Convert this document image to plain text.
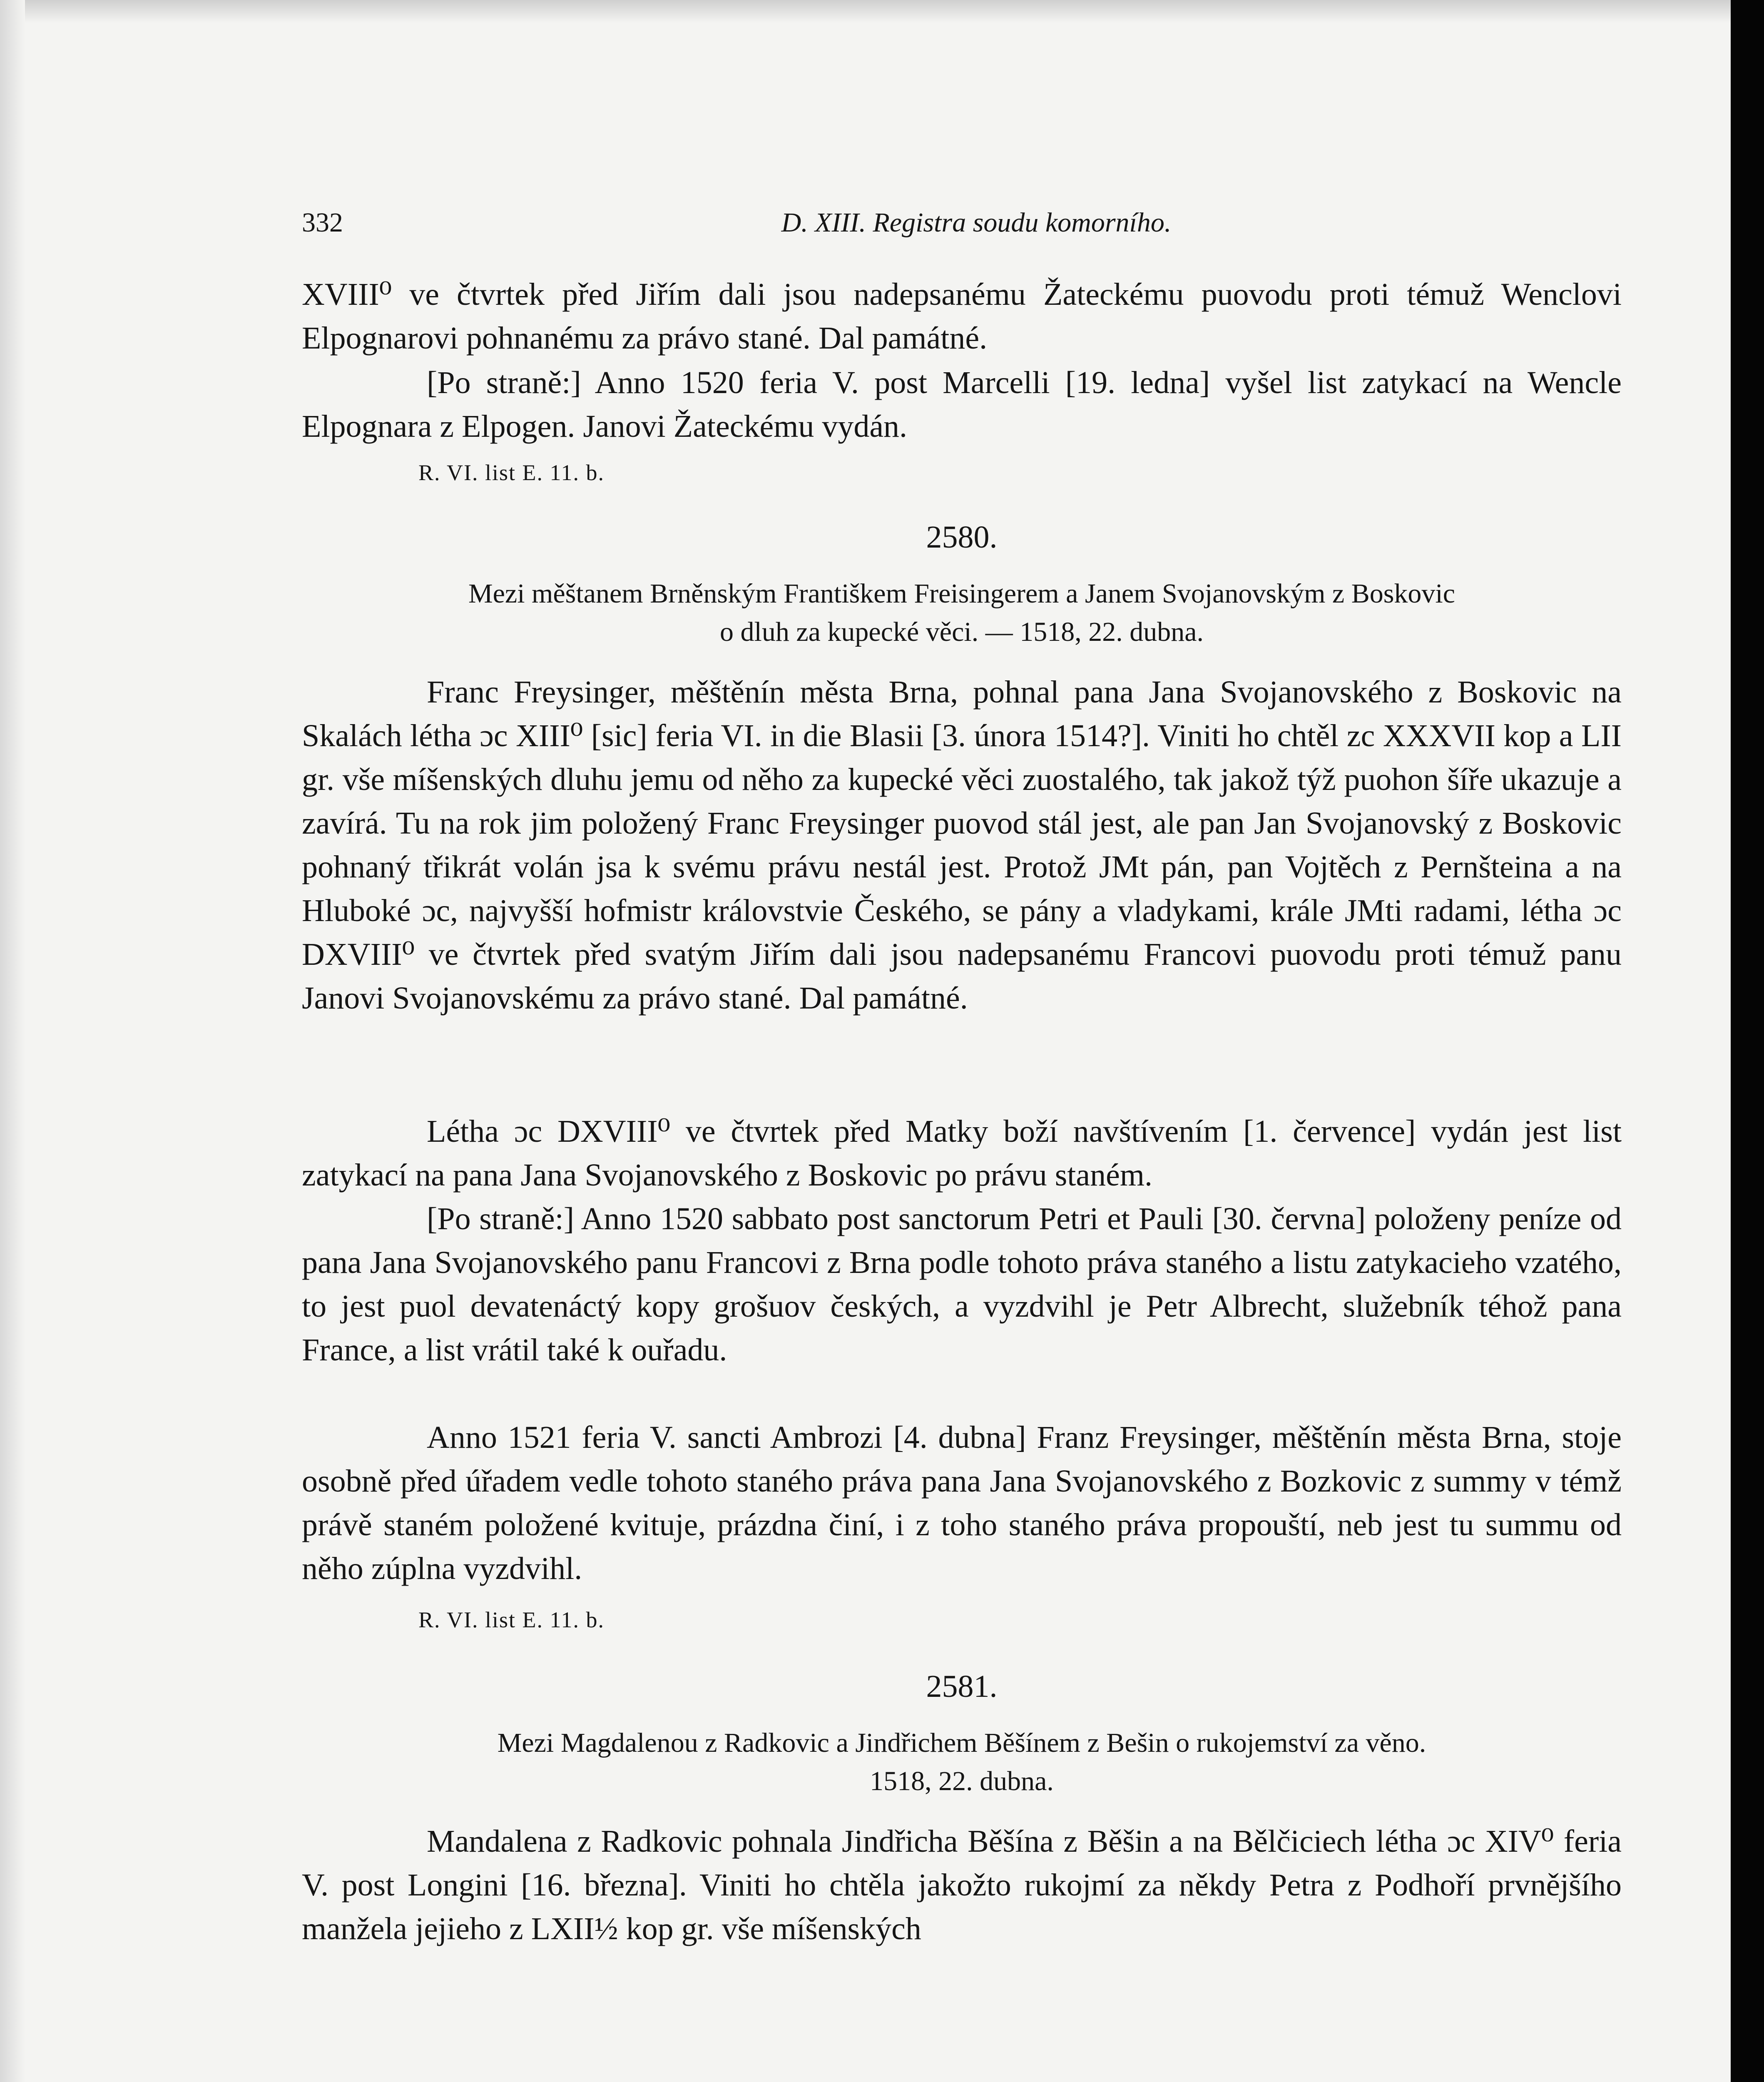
332	D. XIII. Registra soudu komorního.

XVIII⁰ ve čtvrtek před Jiřím dali jsou nadepsanému Žateckému puovodu proti témuž Wenclovi Elpognarovi pohnanému za právo stané. Dal památné.

[Po straně:] Anno 1520 feria V. post Marcelli [19. ledna] vyšel list zatykací na Wencle Elpognara z Elpogen. Janovi Žateckému vydán.

R. VI. list E. 11. b.
2580.

Mezi měštanem Brněnským Františkem Freisingerem a Janem Svojanovským z Boskovic
o dluh za kupecké věci. — 1518, 22. dubna.

Franc Freysinger, měštěnín města Brna, pohnal pana Jana Svojanovského z Boskovic na Skalách létha ɔc XIII⁰ [sic] feria VI. in die Blasii [3. února 1514?]. Viniti ho chtěl zc XXXVII kop a LII gr. vše míšenských dluhu jemu od něho za kupecké věci zuostalého, tak jakož týž puohon šíře ukazuje a zavírá. Tu na rok jim položený Franc Freysinger puovod stál jest, ale pan Jan Svojanovský z Boskovic pohnaný třikrát volán jsa k svému právu nestál jest. Protož JMt pán, pan Vojtěch z Pernšteina a na Hluboké ɔc, najvyšší hofmistr královstvie Českého, se pány a vladykami, krále JMti radami, létha ɔc DXVIII⁰ ve čtvrtek před svatým Jiřím dali jsou nadepsanému Francovi puovodu proti témuž panu Janovi Svojanovskému za právo stané. Dal památné.

Létha ɔc DXVIII⁰ ve čtvrtek před Matky boží navštívením [1. července] vydán jest list zatykací na pana Jana Svojanovského z Boskovic po právu staném.

[Po straně:] Anno 1520 sabbato post sanctorum Petri et Pauli [30. června] položeny peníze od pana Jana Svojanovského panu Francovi z Brna podle tohoto práva staného a listu zatykacieho vzatého, to jest puol devatenáctý kopy grošuov českých, a vyzdvihl je Petr Albrecht, služebník téhož pana France, a list vrátil také k ouřadu.

Anno 1521 feria V. sancti Ambrozi [4. dubna] Franz Freysinger, měštěnín města Brna, stoje osobně před úřadem vedle tohoto staného práva pana Jana Svojanovského z Bozkovic z summy v témž právě staném položené kvituje, prázdna činí, i z toho staného práva propouští, neb jest tu summu od něho zúplna vyzdvihl.

R. VI. list E. 11. b.
2581.

Mezi Magdalenou z Radkovic a Jindřichem Běšínem z Bešin o rukojemství za věno.
1518, 22. dubna.

Mandalena z Radkovic pohnala Jindřicha Běšína z Běšin a na Bělčiciech létha ɔc XIV⁰ feria V. post Longini [16. března]. Viniti ho chtěla jakožto rukojmí za někdy Petra z Podhoří prvnějšího manžela jejieho z LXII½ kop gr. vše míšenských
